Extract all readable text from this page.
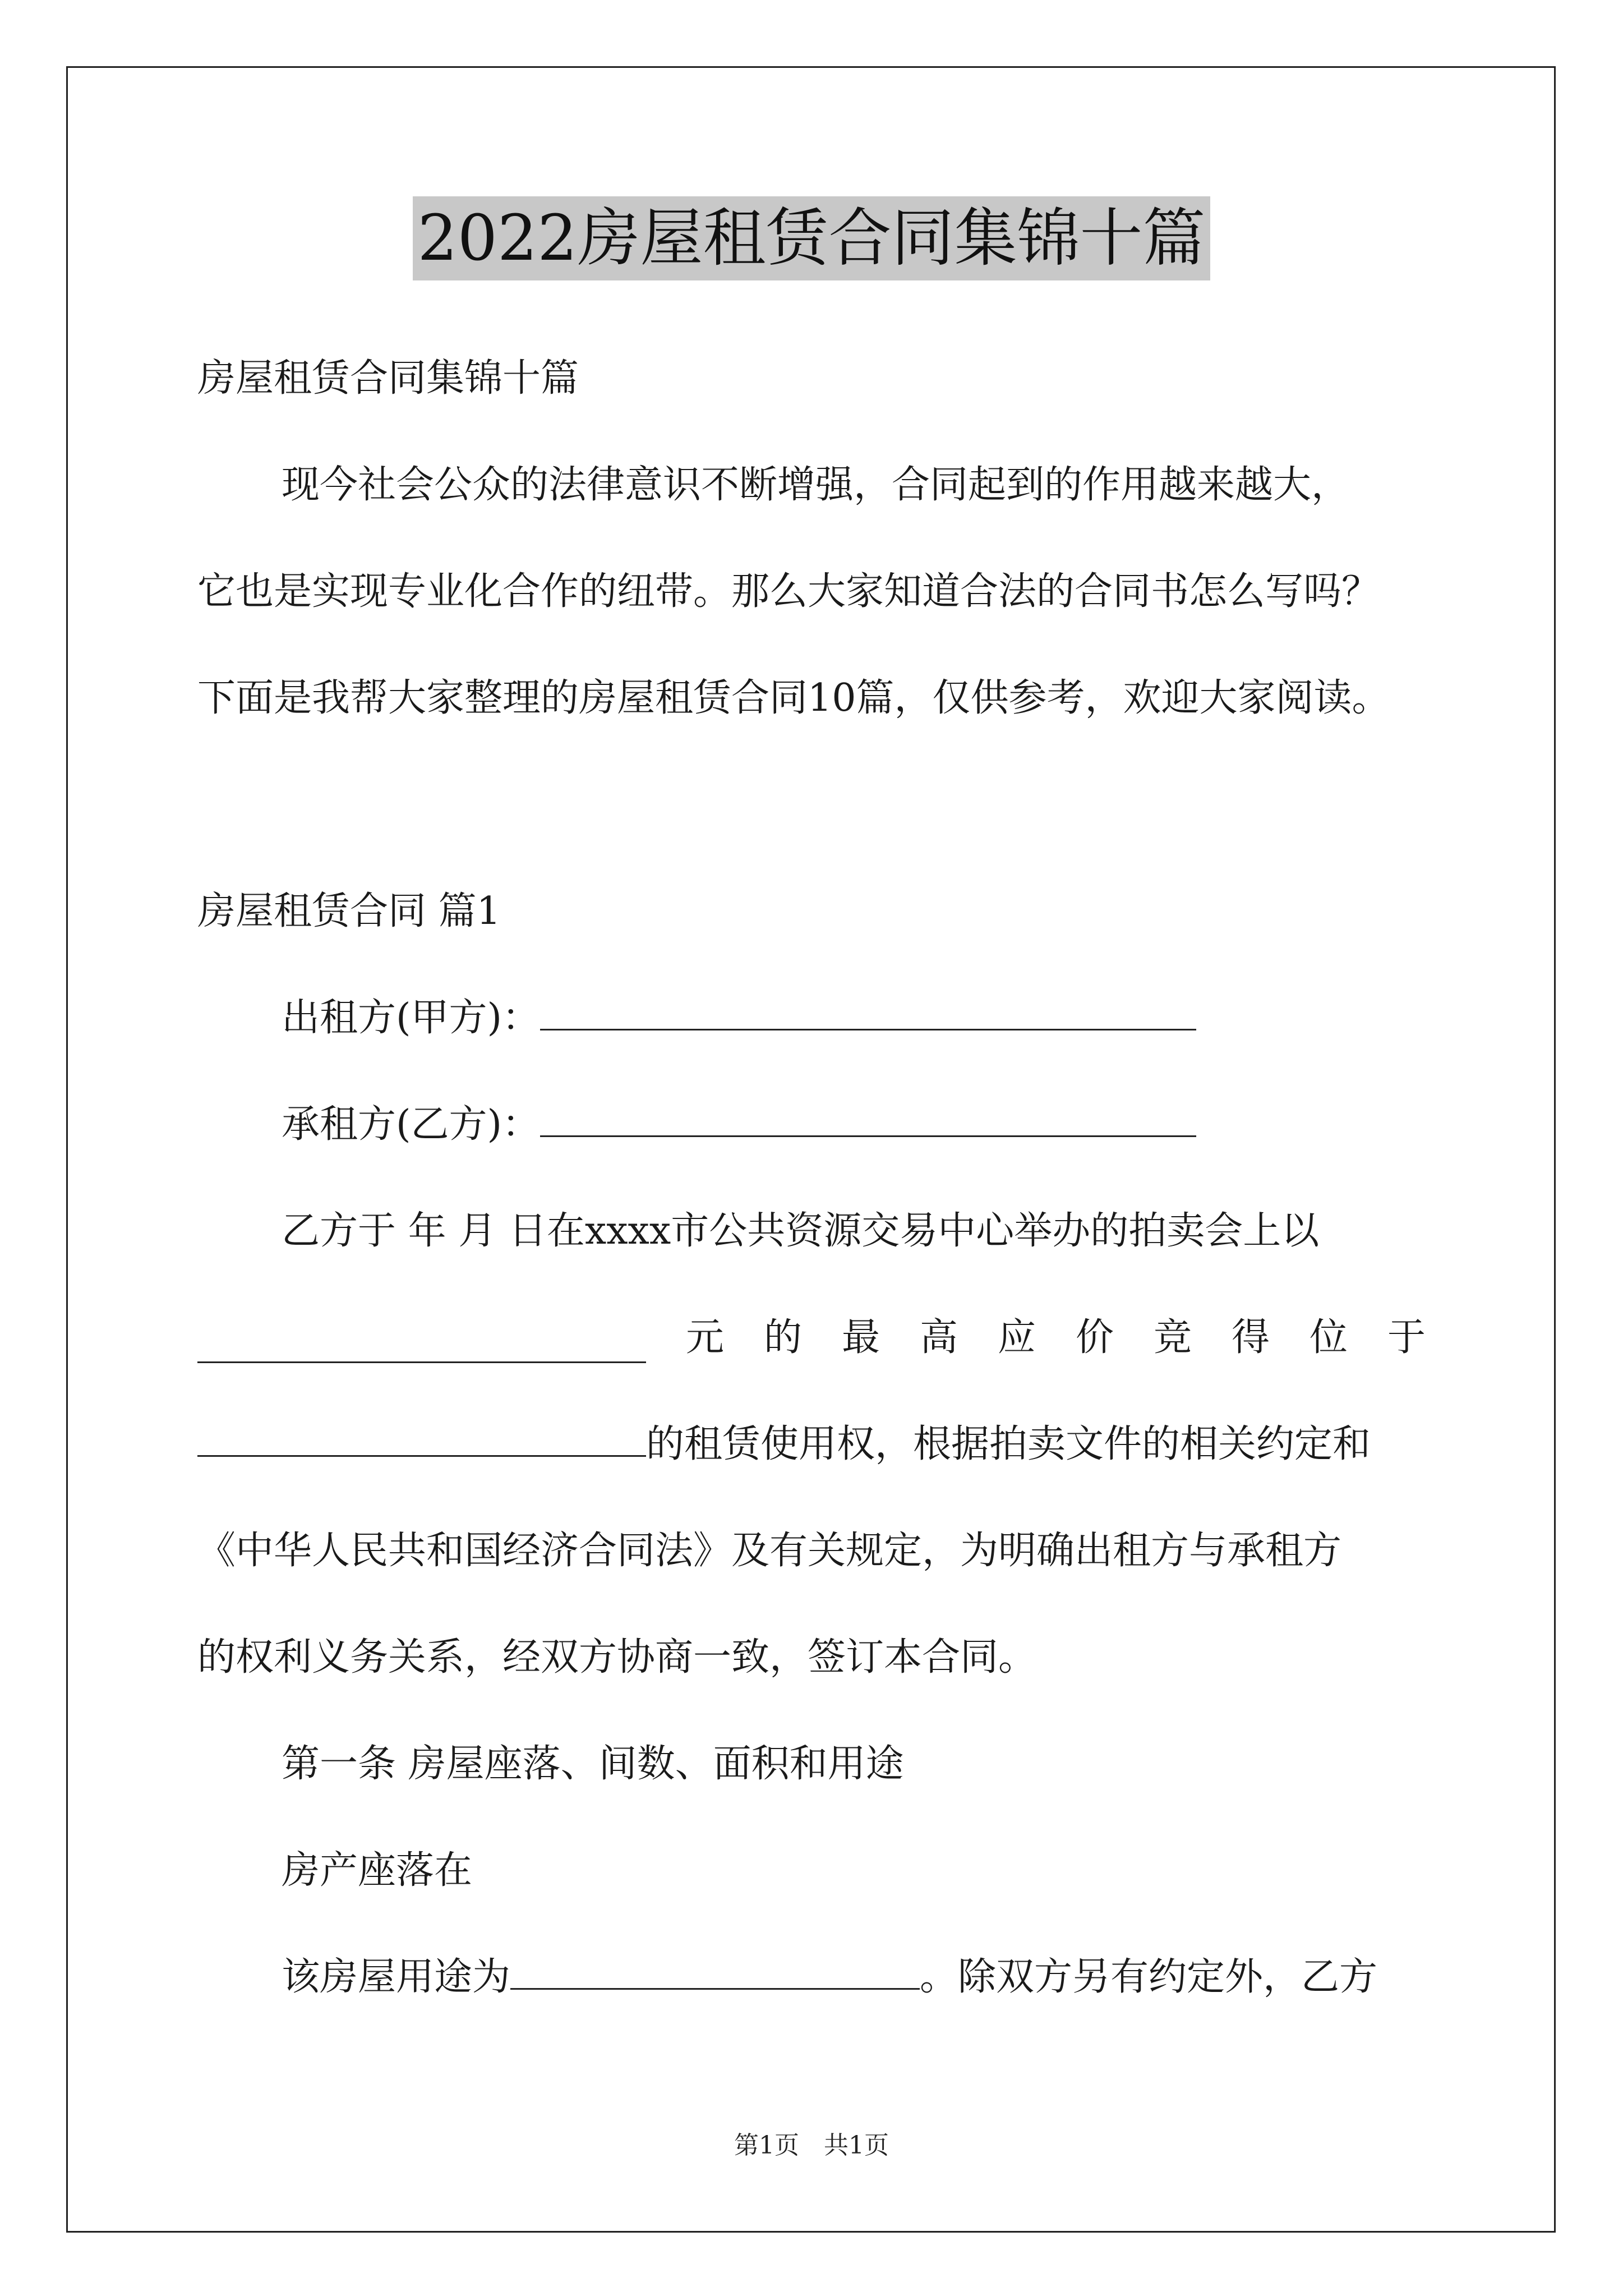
2022房屋租赁合同集锦十篇
房屋租赁合同集锦十篇
现今社会公众的法律意识不断增强，合同起到的作用越来越大，
它也是实现专业化合作的纽带。那么大家知道合法的合同书怎么写吗？
下面是我帮大家整理的房屋租赁合同10篇，仅供参考，欢迎大家阅读。
房屋租赁合同 篇1
出租方(甲方)：
承租方(乙方)：
乙方于 年 月 日在xxxx市公共资源交易中心举办的拍卖会上以
元 的 最 高 应 价 竞 得 位 于
的租赁使用权，根据拍卖文件的相关约定和
《中华人民共和国经济合同法》及有关规定，为明确出租方与承租方
的权利义务关系，经双方协商一致，签订本合同。
第一条 房屋座落、间数、面积和用途
房产座落在
该房屋用途为	。除双方另有约定外，乙方
第1页　共1页
